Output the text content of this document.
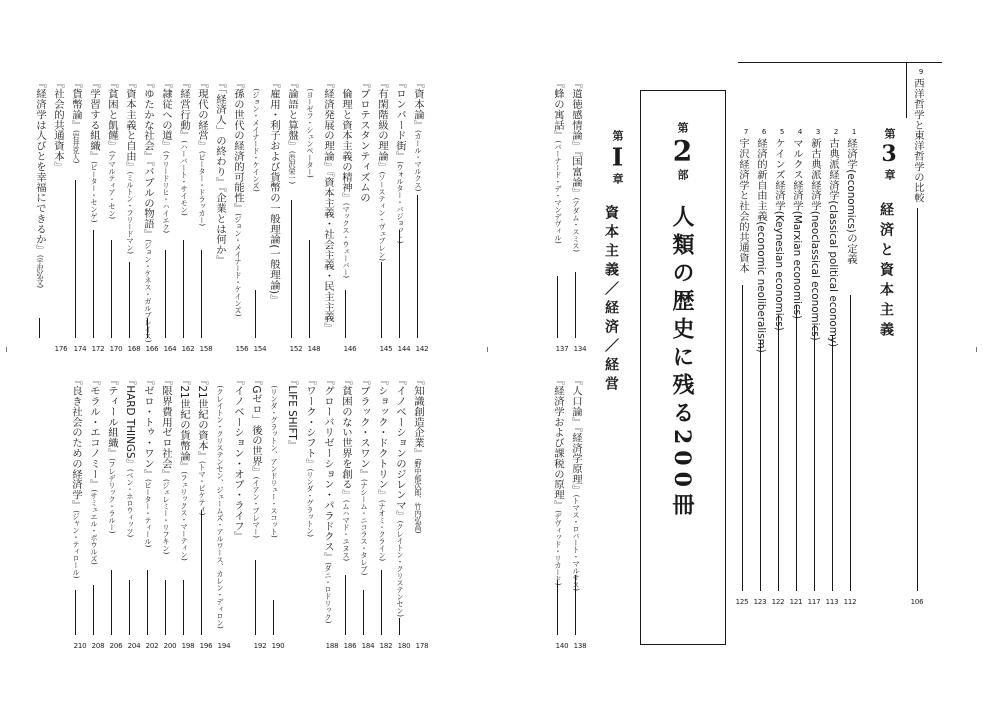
第3章
経済と資本主義
第2部
人類の歴史に残る200冊
第I章
資本主義／経済／経営
9
西洋哲学と東洋哲学の比較
106
1
経済学(economics)の定義
112
2
古典派経済学(classical political economy)
113
3
新古典派経済学(neoclassical economics)
117
4
マルクス経済学(Marxian economics)
121
5
ケインズ経済学(Keynesian economics)
122
6
経済的新自由主義(economic neoliberalism)
123
7
宇沢経済学と社会的共通資本
125
『道徳感情論』『国富論』(アダム・スミス)
134
『蜂の寓話』(バーナード・デ・マンデヴィル)
137
『人口論』『経済学原理』(トマス・ロバート・マルサス)
138
『経済学および課税の原理』(デヴィッド・リカード)
140
『資本論』(カール・マルクス)
142
『ロンバード街』(ウォルター・バジョット)
144
『有閑階級の理論』(ソースティン・ヴェブレン)
145
『プロテスタンティズムの
　倫理と資本主義の精神』(マックス・ウェーバー)
146
『経済発展の理論』『資本主義・社会主義・民主主義』
　(ヨーゼフ・シュンペーター)
148
『論語と算盤』(渋沢栄一)
152
『雇用・利子および貨幣の一般理論(一般理論)』
　(ジョン・メイナード・ケインズ)
154
『孫の世代の経済的可能性』(ジョン・メイナード・ケインズ)
156
『「経済人」の終わり』『企業とは何か』
『現代の経営』(ピーター・ドラッカー)
158
『経営行動』(ハーバート・サイモン)
162
『隷従への道』(フリードリヒ・ハイエク)
164
『ゆたかな社会』『バブルの物語』(ジョン・ケネス・ガルブレイス)
166
『資本主義と自由』(ミルトン・フリードマン)
168
『貧困と飢饉』(アマルティア・セン)
170
『学習する組織』(ピーター・センゲ)
172
『貨幣論』(岩井克人)
174
『社会的共通資本』
『経済学は人びとを幸福にできるか』(宇沢弘文)
176
『知識創造企業』(野中郁次郎、竹内弘高)
178
『イノベーションのジレンマ』(クレイトン・クリステンセン)
180
『ショック・ドクトリン』(ナオミ・クライン)
182
『ブラック・スワン』(ナシーム・ニコラス・タレブ)
184
『貧困のない世界を創る』(ムハマド・ユヌス)
186
『グローバリゼーション・パラドクス』(ダニ・ロドリック)
188
『ワーク・シフト』(リンダ・グラットン)
『LIFE SHIFT』
　(リンダ・グラットン、アンドリュー・スコット)
190
『Gゼロ」後の世界』(イアン・ブレマー)
192
『イノベーション・オブ・ライフ』
　(クレイトン・クリステンセン、ジェームズ・アルワース、カレン・ディロン)
194
『21世紀の資本』(トマ・ピケティ)
196
『21世紀の貨幣論』(フェリックス・マーティン)
198
『限界費用ゼロ社会』(ジェレミー・リフキン)
200
『ゼロ・トゥ・ワン』(ピーター・ティール)
202
『HARD THINGS』(ベン・ホロウィッツ)
204
『ティール組織』(フレデリック・ラルー)
206
『モラル・エコノミー』(サミュエル・ボウルズ)
208
『良き社会のための経済学』(ジャン・ティロール)
210
